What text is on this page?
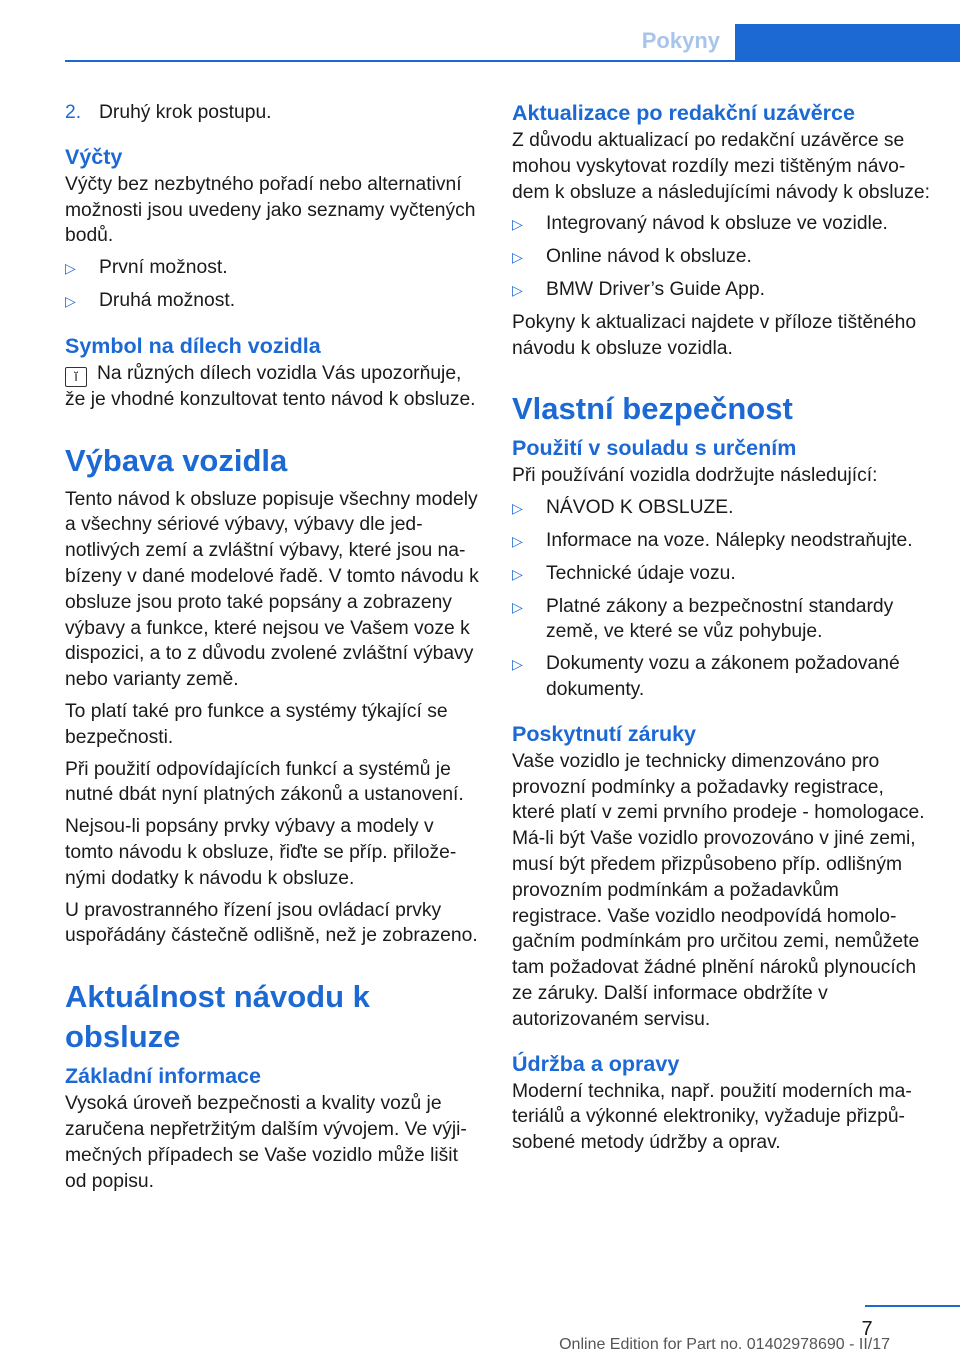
Pokyny
2. Druhý krok postupu.
Výčty

Výčty bez nezbytného pořadí nebo alternativní možnosti jsou uvedeny jako seznamy vyčtených bodů.

▷	První možnost.
▷	Druhá možnost.
Symbol na dílech vozidla

ĭ Na různých dílech vozidla Vás upozorňuje, že je vhodné konzultovat tento návod k obsluze.

Výbava vozidla

Tento návod k obsluze popisuje všechny modely a všechny sériové výbavy, výbavy dle jednotlivých zemí a zvláštní výbavy, které jsou nabízeny v dané modelové řadě. V tomto návodu k obsluze jsou proto také popsány a zobrazeny výbavy a funkce, které nejsou ve Vašem voze k dispozici, a to z důvodu zvolené zvláštní výbavy nebo varianty země.

To platí také pro funkce a systémy týkající se bezpečnosti.

Při použití odpovídajících funkcí a systémů je nutné dbát nyní platných zákonů a ustanovení.

Nejsou-li popsány prvky výbavy a modely v tomto návodu k obsluze, řiďte se příp. přiloženými dodatky k návodu k obsluze.

U pravostranného řízení jsou ovládací prvky uspořádány částečně odlišně, než je zobrazeno.

Aktuálnost návodu k obsluze
Základní informace

Vysoká úroveň bezpečnosti a kvality vozů je zaručena nepřetržitým dalším vývojem. Ve výjimečných případech se Vaše vozidlo může lišit od popisu.

Aktualizace po redakční uzávěrce

Z důvodu aktualizací po redakční uzávěrce se mohou vyskytovat rozdíly mezi tištěným návodem k obsluze a následujícími návody k obsluze:

▷	Integrovaný návod k obsluze ve vozidle.
▷	Online návod k obsluze.
▷	BMW Driver’s Guide App.

Pokyny k aktualizaci najdete v příloze tištěného návodu k obsluze vozidla.

Vlastní bezpečnost
Použití v souladu s určením

Při používání vozidla dodržujte následující:

▷	NÁVOD K OBSLUZE.
▷	Informace na voze. Nálepky neodstraňujte.
▷	Technické údaje vozu.
▷	Platné zákony a bezpečnostní standardy země, ve které se vůz pohybuje.
▷	Dokumenty vozu a zákonem požadované dokumenty.
Poskytnutí záruky

Vaše vozidlo je technicky dimenzováno pro provozní podmínky a požadavky registrace, které platí v zemi prvního prodeje - homologace. Má-li být Vaše vozidlo provozováno v jiné zemi, musí být předem přizpůsobeno příp. odlišným provozním podmínkám a požadavkům registrace. Vaše vozidlo neodpovídá homologačním podmínkám pro určitou zemi, nemůžete tam požadovat žádné plnění nároků plynoucích ze záruky. Další informace obdržíte v autorizovaném servisu.

Údržba a opravy

Moderní technika, např. použití moderních materiálů a výkonné elektroniky, vyžaduje přizpůsobené metody údržby a oprav.

7
Online Edition for Part no. 01402978690 - II/17
